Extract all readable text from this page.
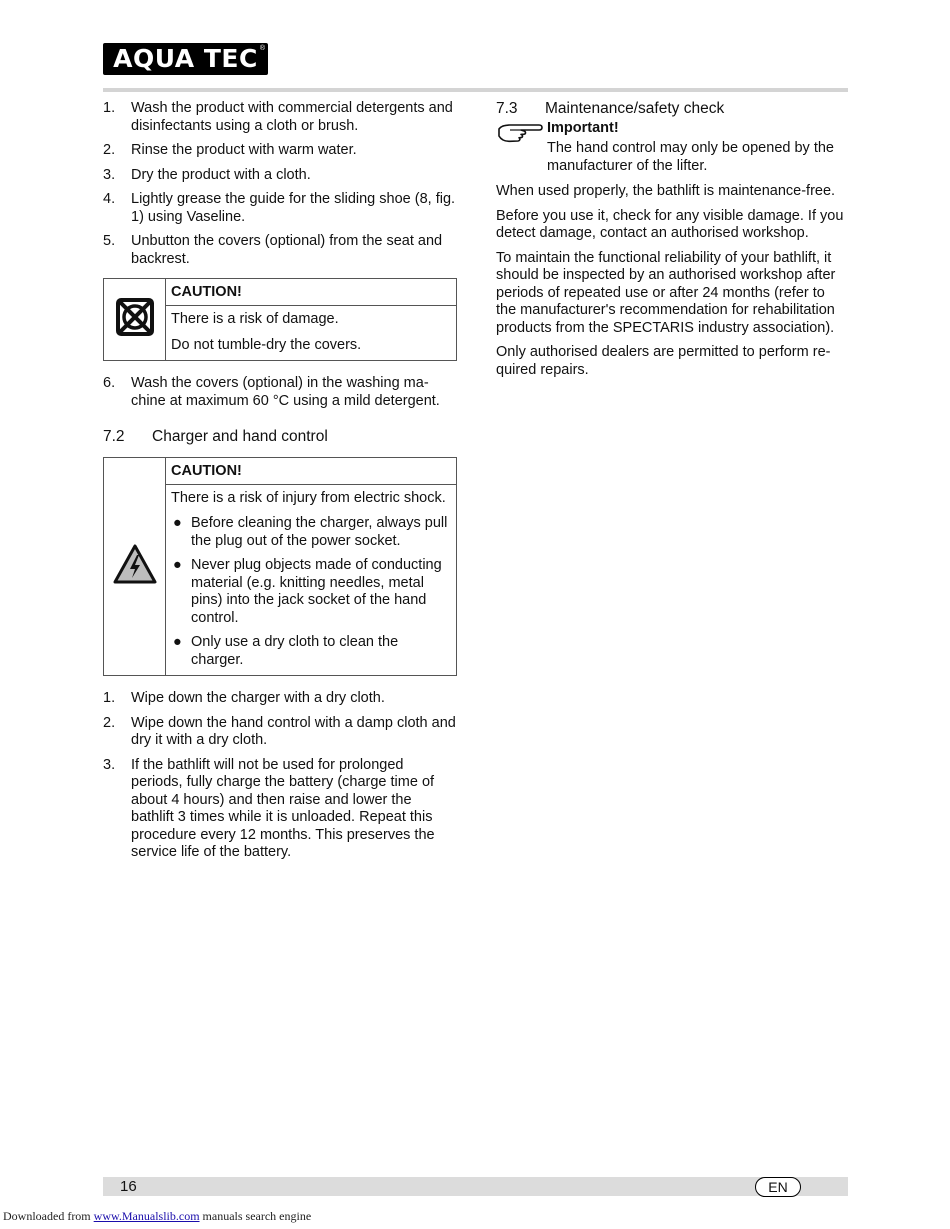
AQUA TEC ®
1. Wash the product with commercial detergents and disinfectants using a cloth or brush.
2. Rinse the product with warm water.
3. Dry the product with a cloth.
4. Lightly grease the guide for the sliding shoe (8, fig. 1) using Vaseline.
5. Unbutton the covers (optional) from the seat and backrest.
	CAUTION!

There is a risk of damage.

Do not tumble-dry the covers.

6. Wash the covers (optional) in the washing ma-chine at maximum 60 °C using a mild detergent.
7.2 Charger and hand control
	CAUTION!

There is a risk of injury from electric shock.

● Before cleaning the charger, always pull the plug out of the power socket.
● Never plug objects made of conducting material (e.g. knitting needles, metal pins) into the jack socket of the hand control.
● Only use a dry cloth to clean the charger.
1. Wipe down the charger with a dry cloth.
2. Wipe down the hand control with a damp cloth and dry it with a dry cloth.
3. If the bathlift will not be used for prolonged periods, fully charge the battery (charge time of about 4 hours) and then raise and lower the bathlift 3 times while it is unloaded. Repeat this procedure every 12 months. This preserves the service life of the battery.
7.3 Maintenance/safety check
Important!
The hand control may only be opened by the manufacturer of the lifter.

When used properly, the bathlift is maintenance-free.

Before you use it, check for any visible damage. If you detect damage, contact an authorised workshop.

To maintain the functional reliability of your bathlift, it should be inspected by an authorised workshop after periods of repeated use or after 24 months (refer to the manufacturer's recommendation for rehabilitation products from the SPECTARIS industry association).

Only authorised dealers are permitted to perform re-quired repairs.

16	EN
Downloaded from www.Manualslib.com manuals search engine
